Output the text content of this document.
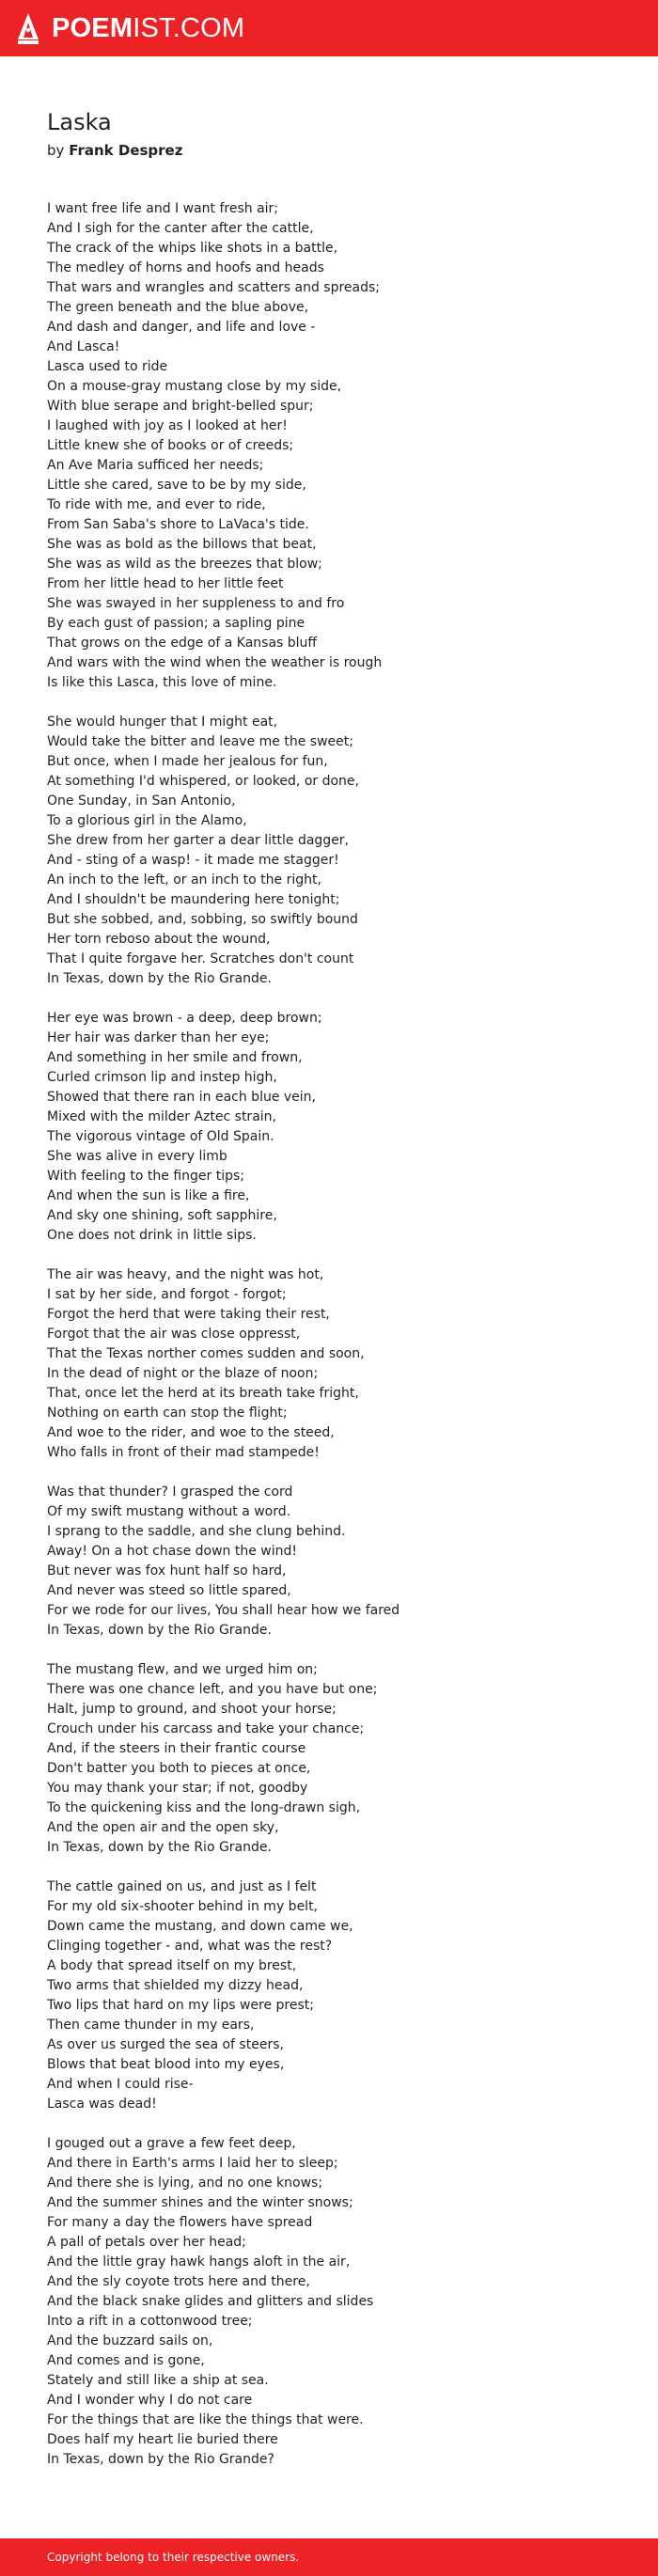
POEMIST.COM
Laska
by Frank Desprez
I want free life and I want fresh air;
And I sigh for the canter after the cattle,
The crack of the whips like shots in a battle,
The medley of horns and hoofs and heads
That wars and wrangles and scatters and spreads;
The green beneath and the blue above,
And dash and danger, and life and love -
And Lasca!
Lasca used to ride
On a mouse-gray mustang close by my side,
With blue serape and bright-belled spur;
I laughed with joy as I looked at her!
Little knew she of books or of creeds;
An Ave Maria sufficed her needs;
Little she cared, save to be by my side,
To ride with me, and ever to ride,
From San Saba's shore to LaVaca's tide.
She was as bold as the billows that beat,
She was as wild as the breezes that blow;
From her little head to her little feet
She was swayed in her suppleness to and fro
By each gust of passion; a sapling pine
That grows on the edge of a Kansas bluff
And wars with the wind when the weather is rough
Is like this Lasca, this love of mine.
She would hunger that I might eat,
Would take the bitter and leave me the sweet;
But once, when I made her jealous for fun,
At something I'd whispered, or looked, or done,
One Sunday, in San Antonio,
To a glorious girl in the Alamo,
She drew from her garter a dear little dagger,
And - sting of a wasp! - it made me stagger!
An inch to the left, or an inch to the right,
And I shouldn't be maundering here tonight;
But she sobbed, and, sobbing, so swiftly bound
Her torn reboso about the wound,
That I quite forgave her. Scratches don't count
In Texas, down by the Rio Grande.
Her eye was brown - a deep, deep brown;
Her hair was darker than her eye;
And something in her smile and frown,
Curled crimson lip and instep high,
Showed that there ran in each blue vein,
Mixed with the milder Aztec strain,
The vigorous vintage of Old Spain.
She was alive in every limb
With feeling to the finger tips;
And when the sun is like a fire,
And sky one shining, soft sapphire,
One does not drink in little sips.
The air was heavy, and the night was hot,
I sat by her side, and forgot - forgot;
Forgot the herd that were taking their rest,
Forgot that the air was close oppresst,
That the Texas norther comes sudden and soon,
In the dead of night or the blaze of noon;
That, once let the herd at its breath take fright,
Nothing on earth can stop the flight;
And woe to the rider, and woe to the steed,
Who falls in front of their mad stampede!
Was that thunder? I grasped the cord
Of my swift mustang without a word.
I sprang to the saddle, and she clung behind.
Away! On a hot chase down the wind!
But never was fox hunt half so hard,
And never was steed so little spared,
For we rode for our lives, You shall hear how we fared
In Texas, down by the Rio Grande.
The mustang flew, and we urged him on;
There was one chance left, and you have but one;
Halt, jump to ground, and shoot your horse;
Crouch under his carcass and take your chance;
And, if the steers in their frantic course
Don't batter you both to pieces at once,
You may thank your star; if not, goodby
To the quickening kiss and the long-drawn sigh,
And the open air and the open sky,
In Texas, down by the Rio Grande.
The cattle gained on us, and just as I felt
For my old six-shooter behind in my belt,
Down came the mustang, and down came we,
Clinging together - and, what was the rest?
A body that spread itself on my brest,
Two arms that shielded my dizzy head,
Two lips that hard on my lips were prest;
Then came thunder in my ears,
As over us surged the sea of steers,
Blows that beat blood into my eyes,
And when I could rise-
Lasca was dead!
I gouged out a grave a few feet deep,
And there in Earth's arms I laid her to sleep;
And there she is lying, and no one knows;
And the summer shines and the winter snows;
For many a day the flowers have spread
A pall of petals over her head;
And the little gray hawk hangs aloft in the air,
And the sly coyote trots here and there,
And the black snake glides and glitters and slides
Into a rift in a cottonwood tree;
And the buzzard sails on,
And comes and is gone,
Stately and still like a ship at sea.
And I wonder why I do not care
For the things that are like the things that were.
Does half my heart lie buried there
In Texas, down by the Rio Grande?
Copyright belong to their respective owners.
